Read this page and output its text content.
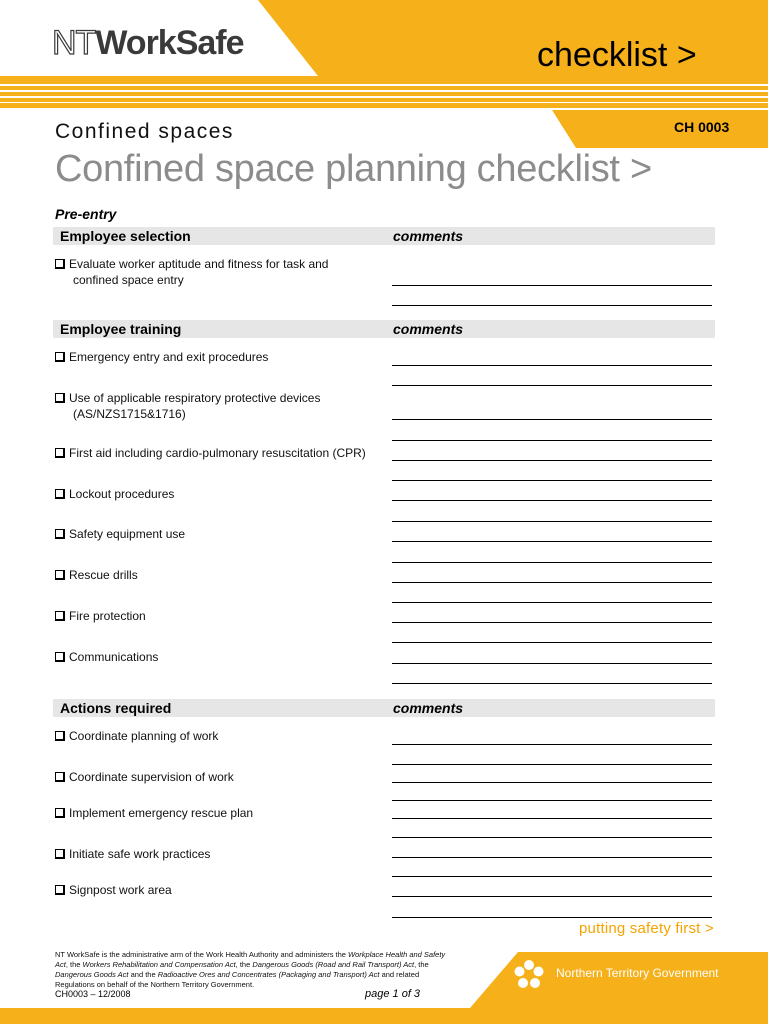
NTWorkSafe	checklist >
CH 0003
Confined spaces
Confined space planning checklist >
Pre-entry
Employee selection	comments
Evaluate worker aptitude and fitness for task and
confined space entry
Employee training	comments
Emergency entry and exit procedures
Use of applicable respiratory protective devices
(AS/NZS1715&1716)
First aid including cardio-pulmonary resuscitation (CPR)
Lockout procedures
Safety equipment use
Rescue drills
Fire protection
Communications
Actions required	comments
Coordinate planning of work
Coordinate supervision of work
Implement emergency rescue plan
Initiate safe work practices
Signpost work area
putting safety first >
Northern Territory Government
NT WorkSafe is the administrative arm of the Work Health Authority and administers the Workplace Health and Safety Act, the Workers Rehabilitation and Compensation Act, the Dangerous Goods (Road and Rail Transport) Act, the Dangerous Goods Act and the Radioactive Ores and Concentrates (Packaging and Transport) Act and related Regulations on behalf of the Northern Territory Government.
CH0003 – 12/2008	page 1 of 3
